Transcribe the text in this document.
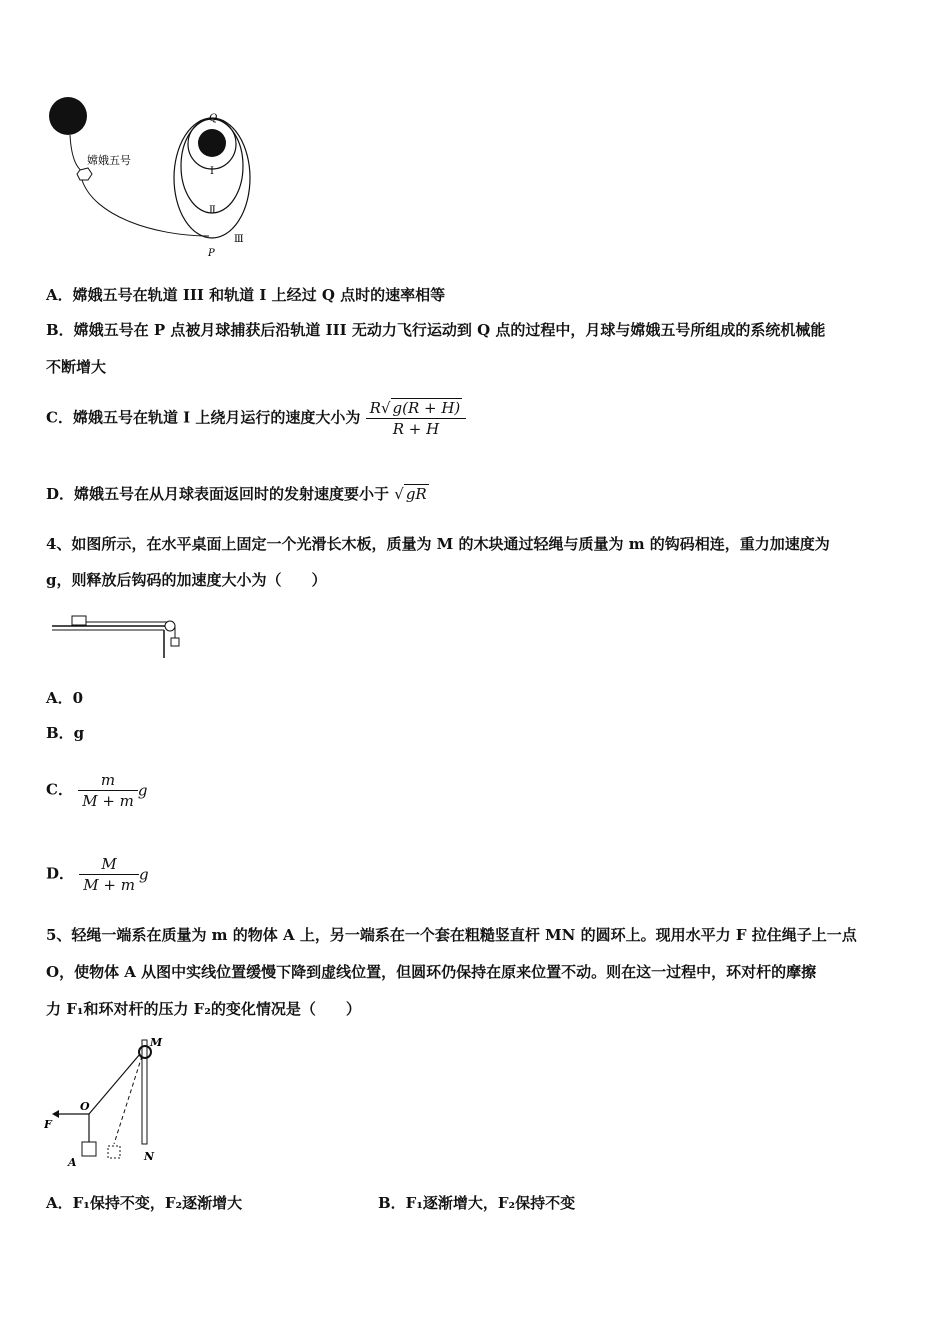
嫦娥五号
Q
Ⅰ
Ⅱ
Ⅲ
P
A．嫦娥五号在轨道 III 和轨道 I 上经过 Q 点时的速率相等
B．嫦娥五号在 P 点被月球捕获后沿轨道 III 无动力飞行运动到 Q 点的过程中，月球与嫦娥五号所组成的系统机械能
不断增大
C．嫦娥五号在轨道 I 上绕月运行的速度大小为 $\frac{R√ g(R + H)}{R + H}$
D．嫦娥五号在从月球表面返回时的发射速度要小于 √ gR
4、如图所示，在水平桌面上固定一个光滑长木板，质量为 M 的木块通过轻绳与质量为 m 的钩码相连，重力加速度为
g，则释放后钩码的加速度大小为（　　）
A．0
B．g
C． $\frac{m}{M + m}$ g
D． $\frac{M}{M + m}$ g
5、轻绳一端系在质量为 m 的物体 A 上，另一端系在一个套在粗糙竖直杆 MN 的圆环上。现用水平力 F 拉住绳子上一点
O，使物体 A 从图中实线位置缓慢下降到虚线位置，但圆环仍保持在原来位置不动。则在这一过程中，环对杆的摩擦
力 F₁和环对杆的压力 F₂的变化情况是（　　）
M
N
O
F
A
A．F₁保持不变，F₂逐渐增大	B．F₁逐渐增大，F₂保持不变
